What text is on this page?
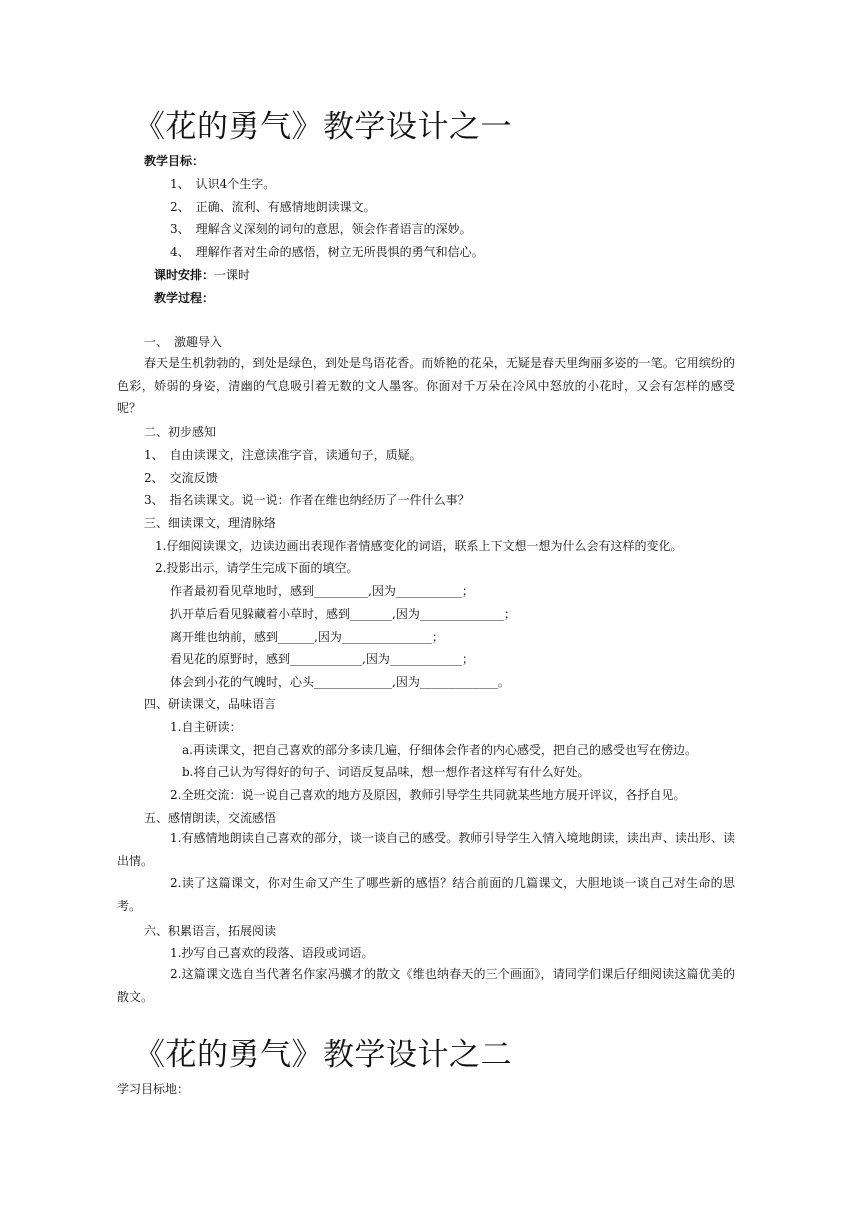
《花的勇气》教学设计之一
教学目标：
1、　认识4个生字。
2、　正确、流利、有感情地朗读课文。
3、　理解含义深刻的词句的意思，领会作者语言的深妙。
4、　理解作者对生命的感悟，树立无所畏惧的勇气和信心。
课时安排：一课时
教学过程：
一、　激趣导入
春天是生机勃勃的，到处是绿色，到处是鸟语花香。而娇艳的花朵，无疑是春天里绚丽多姿的一笔。它用缤纷的色彩，娇弱的身姿，清幽的气息吸引着无数的文人墨客。你面对千万朵在冷风中怒放的小花时，又会有怎样的感受呢？
二、初步感知
1、　自由读课文，注意读准字音，读通句子，质疑。
2、　交流反馈
3、　指名读课文。说一说：作者在维也纳经历了一件什么事？
三、细读课文，理清脉络
1.仔细阅读课文，边读边画出表现作者情感变化的词语，联系上下文想一想为什么会有这样的变化。
2.投影出示，请学生完成下面的填空。
作者最初看见草地时，感到_________,因为___________；
扒开草后看见躲藏着小草时，感到_______,因为______________；
离开维也纳前，感到______,因为_______________；
看见花的原野时，感到____________,因为____________；
体会到小花的气魄时，心头_____________,因为_____________。
四、研读课文，品味语言
1.自主研读：
a.再读课文，把自己喜欢的部分多读几遍，仔细体会作者的内心感受，把自己的感受也写在傍边。
b.将自己认为写得好的句子、词语反复品味，想一想作者这样写有什么好处。
2.全班交流：说一说自己喜欢的地方及原因，教师引导学生共同就某些地方展开评议，各抒自见。
五、感情朗读，交流感悟
1.有感情地朗读自己喜欢的部分，谈一谈自己的感受。教师引导学生入情入境地朗读，读出声、读出形、读出情。
2.读了这篇课文，你对生命又产生了哪些新的感悟？结合前面的几篇课文，大胆地谈一谈自己对生命的思考。
六、积累语言，拓展阅读
1.抄写自己喜欢的段落、语段或词语。
2.这篇课文选自当代著名作家冯骥才的散文《维也纳春天的三个画面》，请同学们课后仔细阅读这篇优美的散文。
《花的勇气》教学设计之二
学习目标地：
